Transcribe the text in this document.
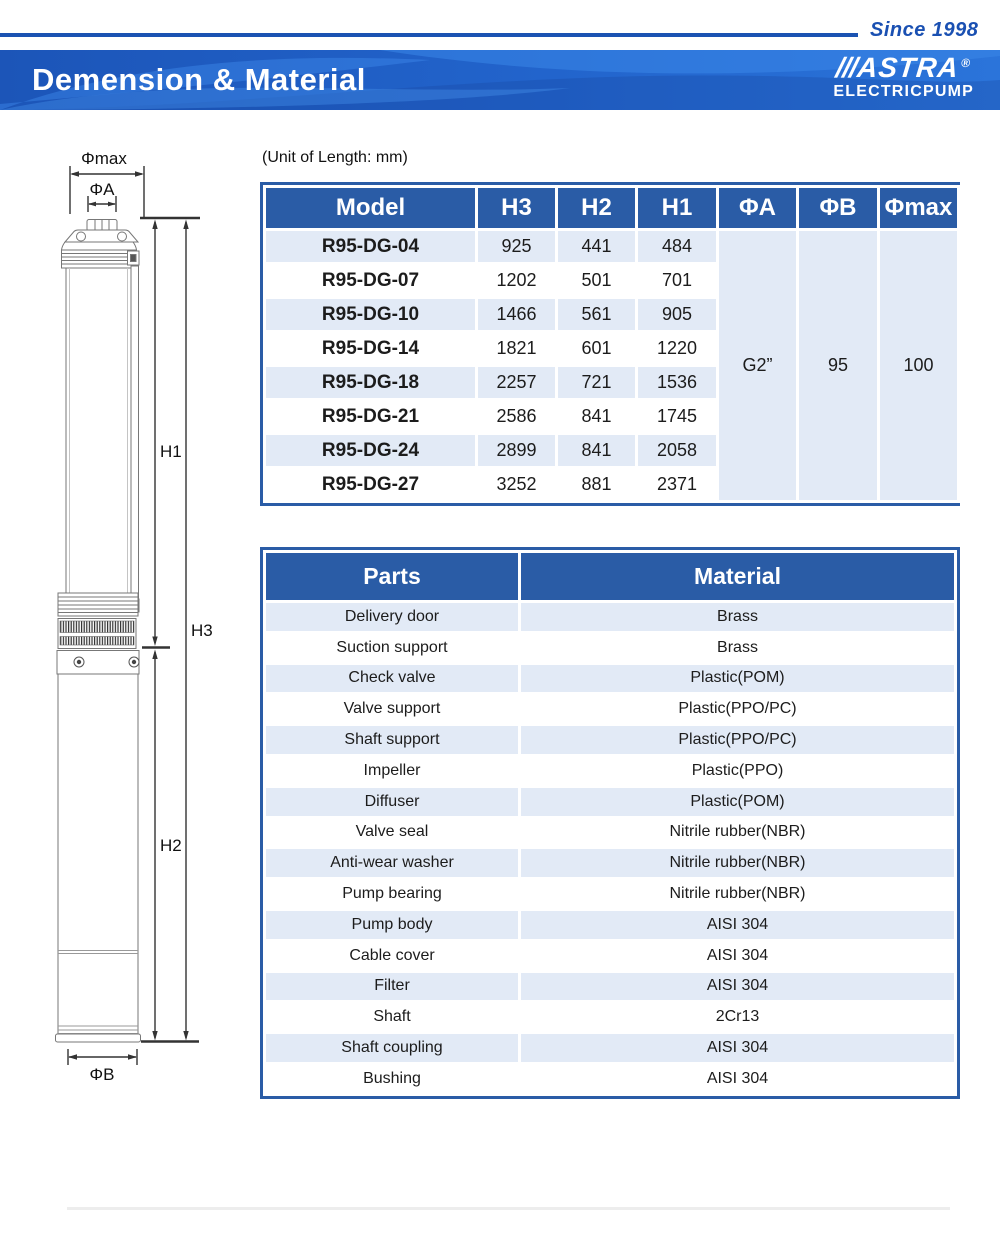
Since 1998
Demension & Material	///ASTRA®
ELECTRICPUMP
(Unit of Length: mm)
Φmax
ΦA
H1
H3
H2
ΦB
Model	H3	H2	H1	ΦA	ΦB	Φmax
R95-DG-04	925	441	484	G2”	95	100
R95-DG-07	1202	501	701			
R95-DG-10	1466	561	905			
R95-DG-14	1821	601	1220			
R95-DG-18	2257	721	1536			
R95-DG-21	2586	841	1745			
R95-DG-24	2899	841	2058			
R95-DG-27	3252	881	2371			
Parts	Material
Delivery door	Brass
Suction support	Brass
Check valve	Plastic(POM)
Valve support	Plastic(PPO/PC)
Shaft support	Plastic(PPO/PC)
Impeller	Plastic(PPO)
Diffuser	Plastic(POM)
Valve seal	Nitrile rubber(NBR)
Anti-wear washer	Nitrile rubber(NBR)
Pump bearing	Nitrile rubber(NBR)
Pump body	AISI 304
Cable cover	AISI 304
Filter	AISI 304
Shaft	2Cr13
Shaft coupling	AISI 304
Bushing	AISI 304
